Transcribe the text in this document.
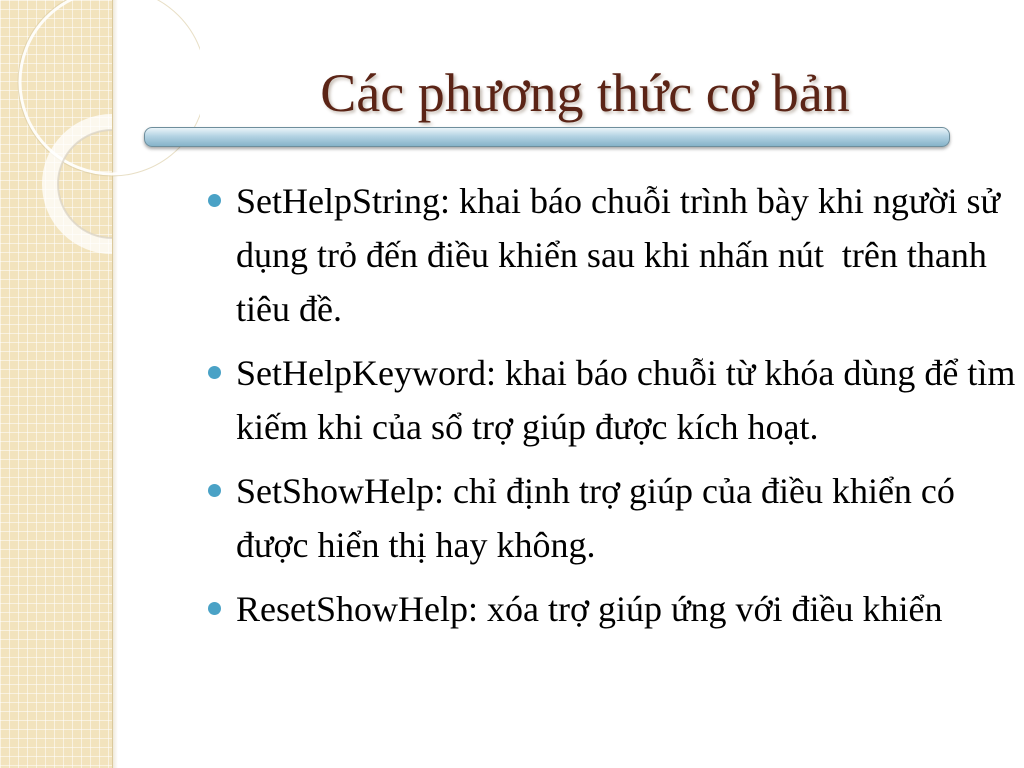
Các phương thức cơ bản
SetHelpString: khai báo chuỗi trình bày khi người sử dụng trỏ đến điều khiển sau khi nhấn nút  trên thanh tiêu đề.
SetHelpKeyword: khai báo chuỗi từ khóa dùng để tìm kiếm khi của sổ trợ giúp được kích hoạt.
SetShowHelp: chỉ định trợ giúp của điều khiển có được hiển thị hay không.
ResetShowHelp: xóa trợ giúp ứng với điều khiển
